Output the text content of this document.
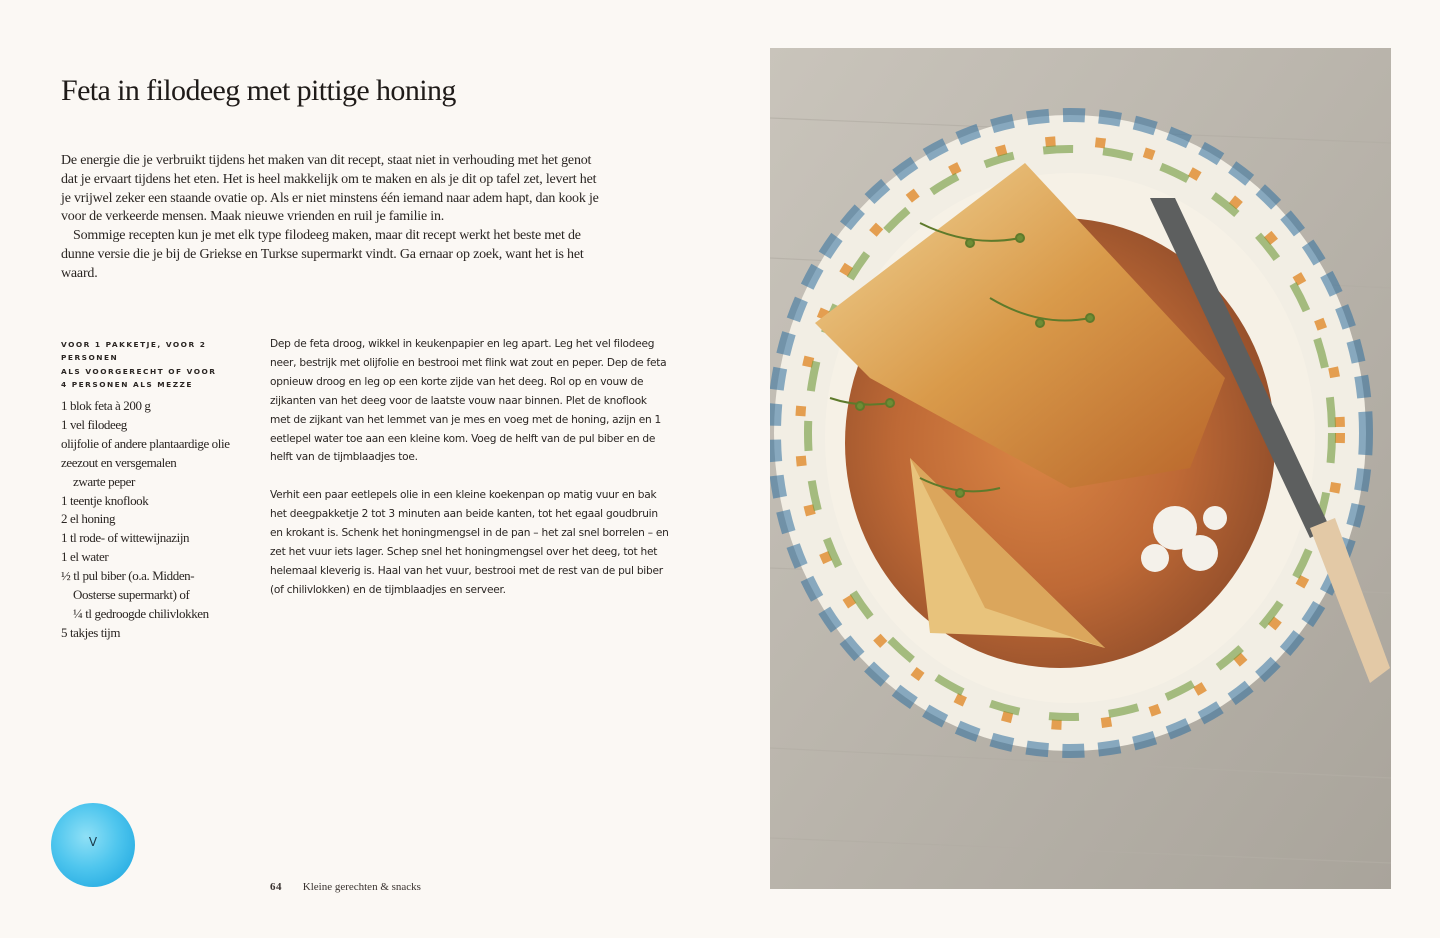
Feta in filodeeg met pittige honing

De energie die je verbruikt tijdens het maken van dit recept, staat niet in verhouding met het genot dat je ervaart tijdens het eten. Het is heel makkelijk om te maken en als je dit op tafel zet, levert het je vrijwel zeker een staande ovatie op. Als er niet minstens één iemand naar adem hapt, dan kook je voor de verkeerde mensen. Maak nieuwe vrienden en ruil je familie in.

Sommige recepten kun je met elk type filodeeg maken, maar dit recept werkt het beste met de dunne versie die je bij de Griekse en Turkse supermarkt vindt. Ga ernaar op zoek, want het is het waard.

VOOR 1 PAKKETJE, VOOR 2 PERSONEN
ALS VOORGERECHT OF VOOR
4 PERSONEN ALS MEZZE
1 blok feta à 200 g
1 vel filodeeg
olijfolie of andere plantaardige olie
zeezout en versgemalen
zwarte peper
1 teentje knoflook
2 el honing
1 tl rode- of wittewijnazijn
1 el water
½ tl pul biber (o.a. Midden-
Oosterse supermarkt) of
¼ tl gedroogde chilivlokken
5 takjes tijm

Dep de feta droog, wikkel in keukenpapier en leg apart. Leg het vel filodeeg neer, bestrijk met olijfolie en bestrooi met flink wat zout en peper. Dep de feta opnieuw droog en leg op een korte zijde van het deeg. Rol op en vouw de zijkanten van het deeg voor de laatste vouw naar binnen. Plet de knoflook met de zijkant van het lemmet van je mes en voeg met de honing, azijn en 1 eetlepel water toe aan een kleine kom. Voeg de helft van de pul biber en de helft van de tijmblaadjes toe.

Verhit een paar eetlepels olie in een kleine koekenpan op matig vuur en bak het deegpakketje 2 tot 3 minuten aan beide kanten, tot het egaal goudbruin en krokant is. Schenk het honingmengsel in de pan – het zal snel borrelen – en zet het vuur iets lager. Schep snel het honingmengsel over het deeg, tot het helemaal kleverig is. Haal van het vuur, bestrooi met de rest van de pul biber (of chilivlokken) en de tijmblaadjes en serveer.

V
64 Kleine gerechten & snacks
